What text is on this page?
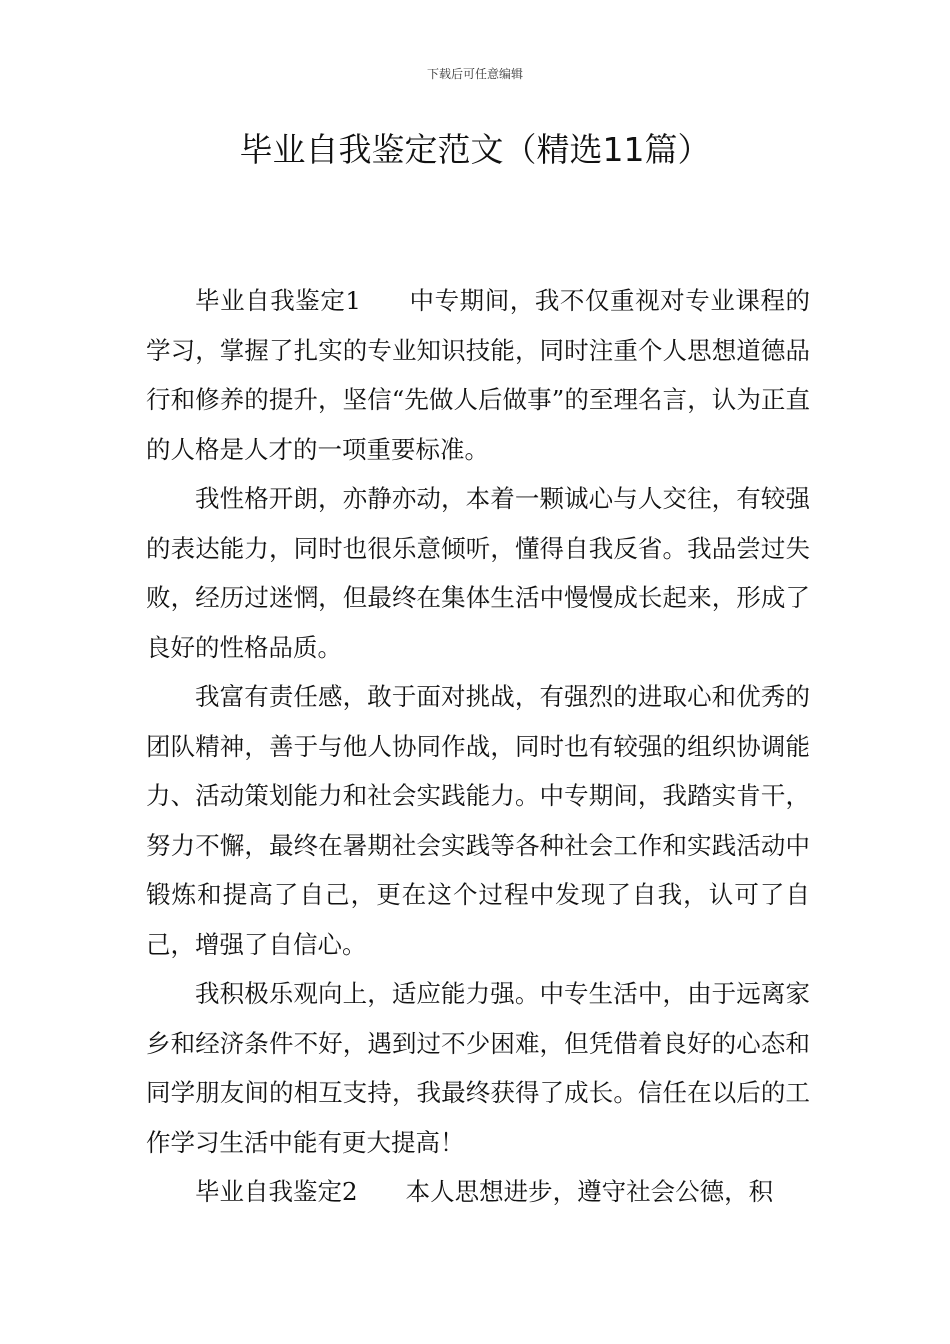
下载后可任意编辑
毕业自我鉴定范文（精选11篇）

毕业自我鉴定1 中专期间，我不仅重视对专业课程的学习，掌握了扎实的专业知识技能，同时注重个人思想道德品行和修养的提升，坚信“先做人后做事”的至理名言，认为正直的人格是人才的一项重要标准。

我性格开朗，亦静亦动，本着一颗诚心与人交往，有较强的表达能力，同时也很乐意倾听，懂得自我反省。我品尝过失败，经历过迷惘，但最终在集体生活中慢慢成长起来，形成了良好的性格品质。

我富有责任感，敢于面对挑战，有强烈的进取心和优秀的团队精神，善于与他人协同作战，同时也有较强的组织协调能力、活动策划能力和社会实践能力。中专期间，我踏实肯干，努力不懈，最终在暑期社会实践等各种社会工作和实践活动中锻炼和提高了自己，更在这个过程中发现了自我，认可了自己，增强了自信心。

我积极乐观向上，适应能力强。中专生活中，由于远离家乡和经济条件不好，遇到过不少困难，但凭借着良好的心态和同学朋友间的相互支持，我最终获得了成长。信任在以后的工作学习生活中能有更大提高！

毕业自我鉴定2 本人思想进步，遵守社会公德，积
